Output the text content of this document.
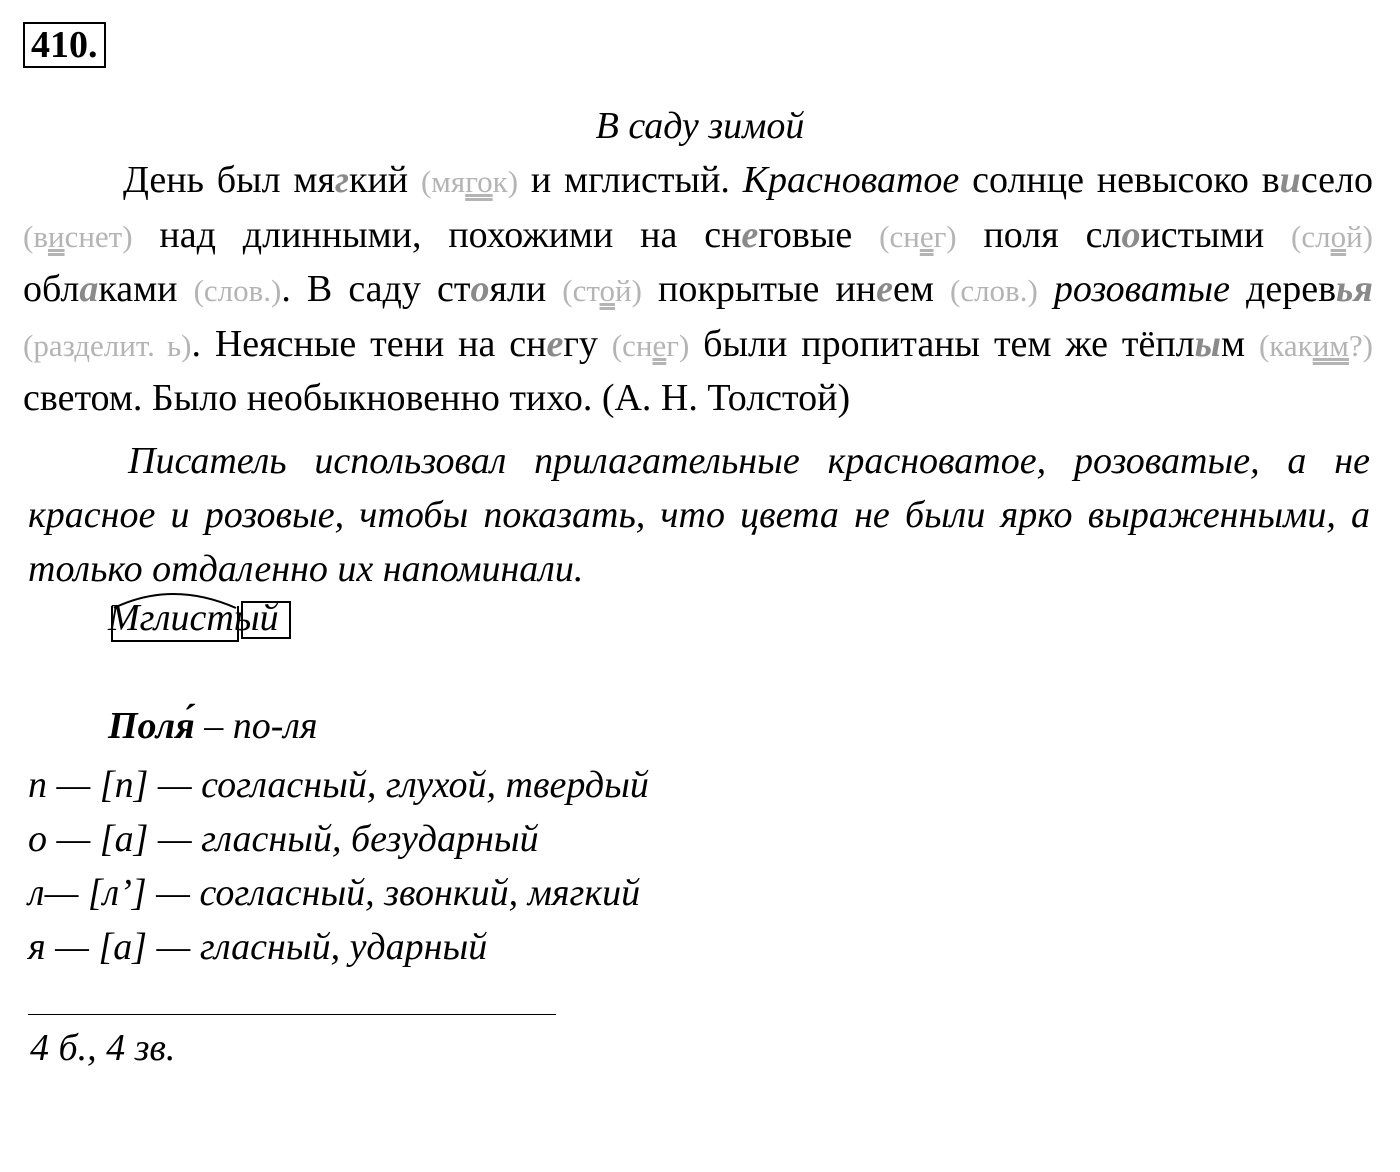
410.
В саду зимой

День был мягкий (мягок) и мглистый. Красноватое солнце невысоко висело (виснет) над длинными, похожими на снеговые (снег) поля слоистыми (слой) облаками (слов.). В саду стояли (стой) покрытые инеем (слов.) розоватые деревья (разделит. ь). Неясные тени на снегу (снег) были пропитаны тем же тёплым (каким?) светом. Было необыкновенно тихо. (А. Н. Толстой)

Писатель использовал прилагательные красноватое, розоватые, а не красное и розовые, чтобы показать, что цвета не были ярко выраженными, а только отдаленно их напоминали.

Мглистый
Поля́ – по-ля
п — [п] — согласный, глухой, твердый
о — [а] — гласный, безударный
л— [л’] — согласный, звонкий, мягкий
я — [а] — гласный, ударный
4 б., 4 зв.
